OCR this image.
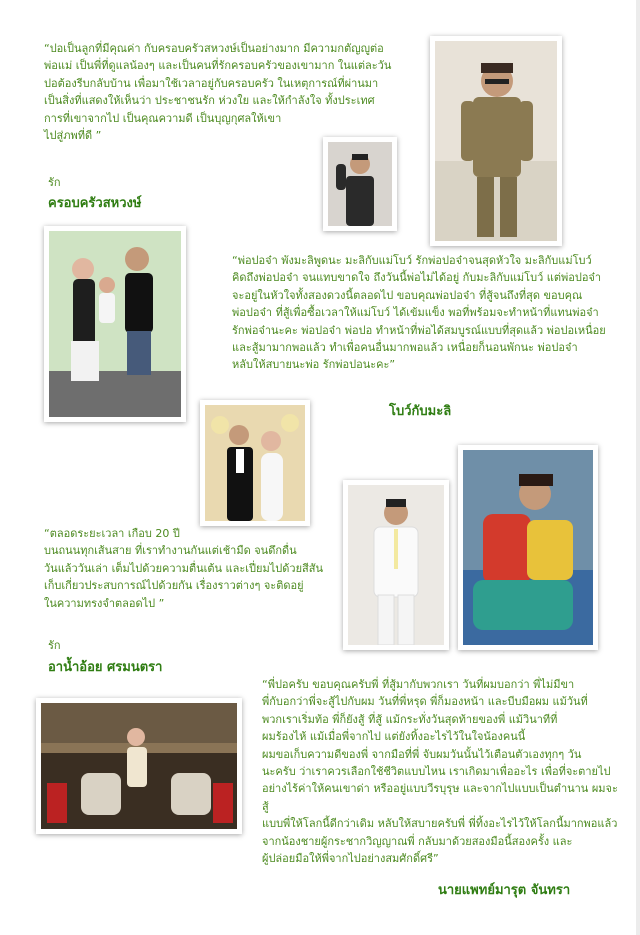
“ปอเป็นลูกที่มีคุณค่า กับครอบครัวสหวงษ์เป็นอย่างมาก มีความกตัญญูต่อ
พ่อแม่ เป็นพี่ที่ดูแลน้องๆ และเป็นคนที่รักครอบครัวของเขามาก ในแต่ละวัน
ปอต้องรีบกลับบ้าน เพื่อมาใช้เวลาอยู่กับครอบครัว ในเหตุการณ์ที่ผ่านมา
เป็นสิ่งที่แสดงให้เห็นว่า ประชาชนรัก ห่วงใย และให้กำลังใจ ทั้งประเทศ
การที่เขาจากไป เป็นคุณความดี เป็นบุญกุศลให้เขา
ไปสู่ภพที่ดี ”

รัก
ครอบครัวสหวงษ์

“พ่อปอจ๋า พังมะลิพูดนะ มะลิกับแม่โบว์ รักพ่อปอจ๋าจนสุดหัวใจ มะลิกับแม่โบว์
คิดถึงพ่อปอจ๋า จนแทบขาดใจ ถึงวันนี้พ่อไม่ได้อยู่ กับมะลิกับแม่โบว์ แต่พ่อปอจ๋า
จะอยู่ในหัวใจทั้งสองดวงนี้ตลอดไป ขอบคุณพ่อปอจ๋า ที่สู้จนถึงที่สุด ขอบคุณ
พ่อปอจ๋า ที่สู้เพื่อซื้อเวลาให้แม่โบว์ ได้เข้มแข็ง พอที่พร้อมจะทำหน้าที่แทนพ่อจ๋า
รักพ่อจ๋านะคะ พ่อปอจ๋า พ่อปอ ทำหน้าที่พ่อได้สมบูรณ์แบบที่สุดแล้ว พ่อปอเหนื่อย
และสู้มามากพอแล้ว ทำเพื่อคนอื่นมากพอแล้ว เหนื่อยก็นอนพักนะ พ่อปอจ๋า
หลับให้สบายนะพ่อ รักพ่อปอนะคะ”

โบว์กับมะลิ

“ตลอดระยะเวลา เกือบ 20 ปี
บนถนนทุกเส้นสาย ที่เราทำงานกันแต่เช้ามืด จนดึกดื่น
วันแล้ววันเล่า เต็มไปด้วยความตื่นเต้น และเปี่ยมไปด้วยสีสัน
เก็บเกี่ยวประสบการณ์ไปด้วยกัน เรื่องราวต่างๆ จะติดอยู่
ในความทรงจำตลอดไป ”

รัก
อาน้ำอ้อย ศรมนตรา

“พี่ปอครับ ขอบคุณครับพี่ ที่สู้มากับพวกเรา วันที่ผมบอกว่า พี่ไม่มีขา
พี่กับอกว่าพี่จะสู้ไปกับผม วันที่พี่หรุด พี่ก็มองหน้า และบีบมือผม แม้วันที่
พวกเราเริ่มท้อ พี่ก็ยังสู้ ที่สู้ แม้กระทั่งวันสุดท้ายของพี่ แม้วินาทีที่
ผมร้องไห้ แม้เมื่อพี่จากไป แต่ยังทิ้งอะไรไว้ในใจน้องคนนี้
ผมขอเก็บความดีของพี่ จากมือที่พี่ จับผมวันนั้นไว้เตือนตัวเองทุกๆ วัน
นะครับ ว่าเราควรเลือกใช้ชีวิตแบบไหน เราเกิดมาเพื่ออะไร เพื่อที่จะตายไป
อย่างไร้ค่าให้คนเขาด่า หรืออยู่แบบวีรบุรุษ และจากไปแบบเป็นตำนาน ผมจะสู้
แบบพี่ให้โลกนี้ดีกว่าเดิม หลับให้สบายครับพี่ พี่ทิ้งอะไรไว้ให้โลกนี้มากพอแล้ว
จากน้องชายผู้กระชากวิญญาณพี่ กลับมาด้วยสองมือนี้สองครั้ง และ
ผู้ปล่อยมือให้พี่จากไปอย่างสมศักดิ์ศรี”

นายแพทย์มารุต จันทรา
